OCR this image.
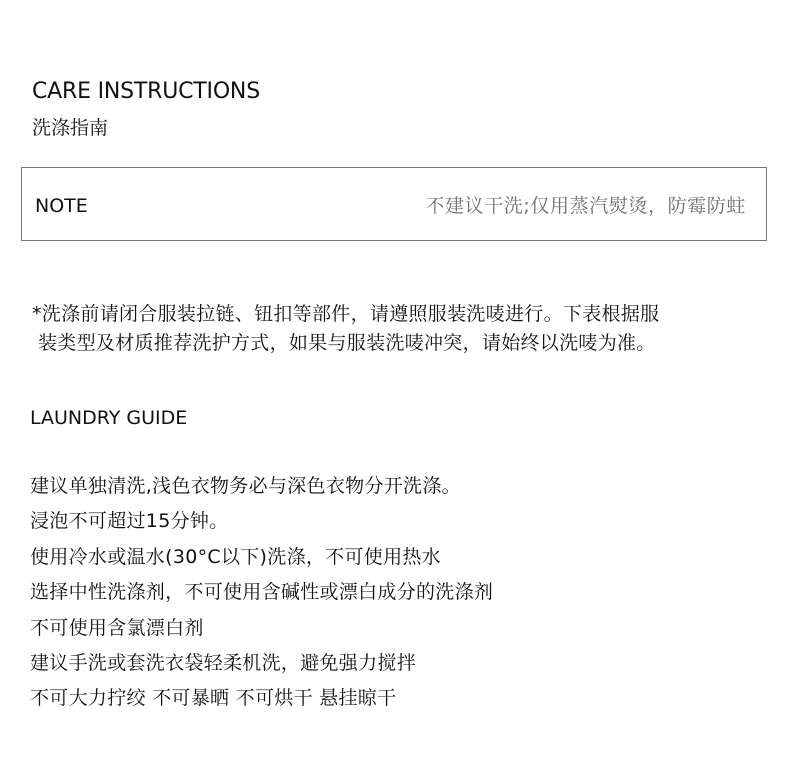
CARE INSTRUCTIONS
洗涤指南
NOTE	不建议干洗;仅用蒸汽熨烫，防霉防蛀
*洗涤前请闭合服装拉链、钮扣等部件，请遵照服装洗唛进行。下表根据服
装类型及材质推荐洗护方式，如果与服装洗唛冲突，请始终以洗唛为准。
LAUNDRY GUIDE
建议单独清洗,浅色衣物务必与深色衣物分开洗涤。
浸泡不可超过15分钟。
使用冷水或温水(30°C以下)洗涤，不可使用热水
选择中性洗涤剂，不可使用含碱性或漂白成分的洗涤剂
不可使用含氯漂白剂
建议手洗或套洗衣袋轻柔机洗，避免强力搅拌
不可大力拧绞 不可暴晒 不可烘干 悬挂晾干
